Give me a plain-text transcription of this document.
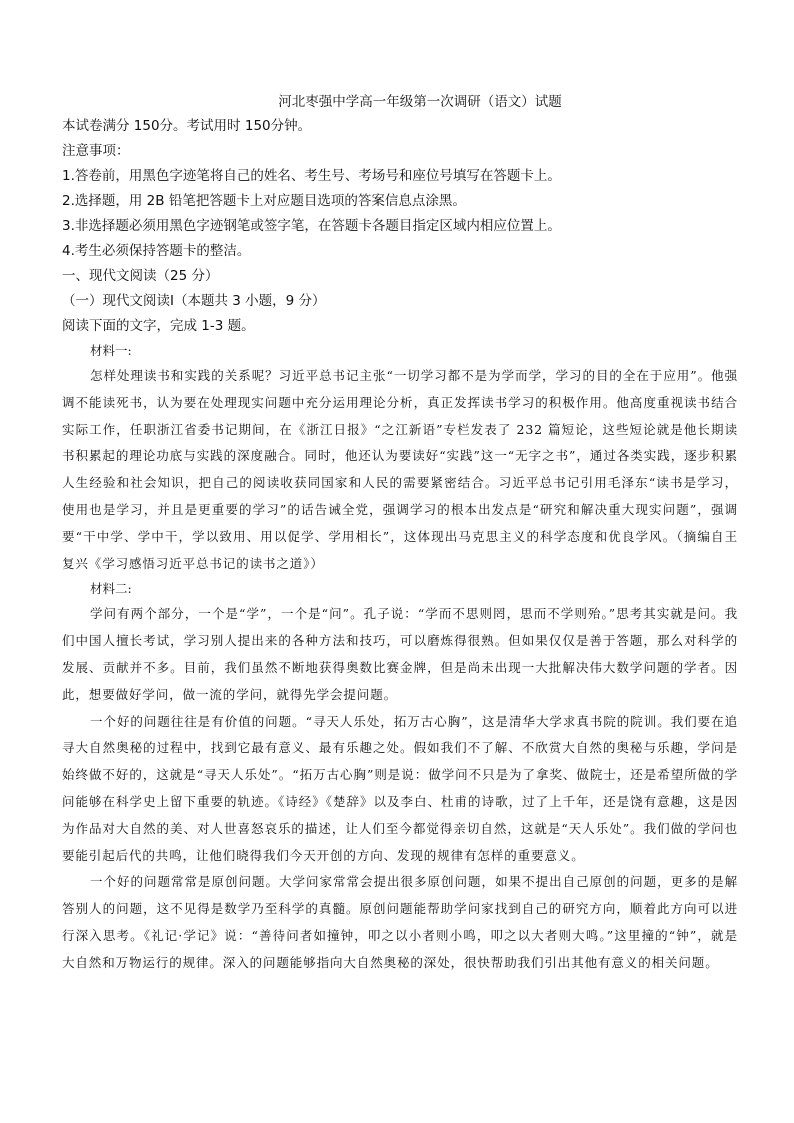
河北枣强中学高一年级第一次调研（语文）试题
本试卷满分 150分。考试用时 150分钟。
注意事项：
1.答卷前，用黑色字迹笔将自己的姓名、考生号、考场号和座位号填写在答题卡上。
2.选择题，用 2B 铅笔把答题卡上对应题目选项的答案信息点涂黑。
3.非选择题必须用黑色字迹钢笔或签字笔，在答题卡各题目指定区域内相应位置上。
4.考生必须保持答题卡的整洁。
一、现代文阅读（25 分）
（一）现代文阅读Ⅰ（本题共 3 小题，9 分）
阅读下面的文字，完成 1-3 题。
材料一:

怎样处理读书和实践的关系呢？习近平总书记主张“一切学习都不是为学而学，学习的目的全在于应用”。他强调不能读死书，认为要在处理现实问题中充分运用理论分析，真正发挥读书学习的积极作用。他高度重视读书结合实际工作，任职浙江省委书记期间，在《浙江日报》“之江新语”专栏发表了 232 篇短论，这些短论就是他长期读书积累起的理论功底与实践的深度融合。同时，他还认为要读好“实践”这一“无字之书”，通过各类实践，逐步积累人生经验和社会知识，把自己的阅读收获同国家和人民的需要紧密结合。习近平总书记引用毛泽东“读书是学习，使用也是学习，并且是更重要的学习”的话告诫全党，强调学习的根本出发点是“研究和解决重大现实问题”，强调要“干中学、学中干，学以致用、用以促学、学用相长”，这体现出马克思主义的科学态度和优良学风。（摘编自王复兴《学习感悟习近平总书记的读书之道》）

材料二:

学问有两个部分，一个是“学”，一个是“问”。孔子说：“学而不思则罔，思而不学则殆。”思考其实就是问。我们中国人擅长考试，学习别人提出来的各种方法和技巧，可以磨炼得很熟。但如果仅仅是善于答题，那么对科学的发展、贡献并不多。目前，我们虽然不断地获得奥数比赛金牌，但是尚未出现一大批解决伟大数学问题的学者。因此，想要做好学问，做一流的学问，就得先学会提问题。

一个好的问题往往是有价值的问题。“寻天人乐处，拓万古心胸”，这是清华大学求真书院的院训。我们要在追寻大自然奥秘的过程中，找到它最有意义、最有乐趣之处。假如我们不了解、不欣赏大自然的奥秘与乐趣，学问是始终做不好的，这就是“寻天人乐处”。“拓万古心胸”则是说：做学问不只是为了拿奖、做院士，还是希望所做的学问能够在科学史上留下重要的轨迹。《诗经》《楚辞》以及李白、杜甫的诗歌，过了上千年，还是饶有意趣，这是因为作品对大自然的美、对人世喜怒哀乐的描述，让人们至今都觉得亲切自然，这就是“天人乐处”。我们做的学问也要能引起后代的共鸣，让他们晓得我们今天开创的方向、发现的规律有怎样的重要意义。

一个好的问题常常是原创问题。大学问家常常会提出很多原创问题，如果不提出自己原创的问题，更多的是解答别人的问题，这不见得是数学乃至科学的真髓。原创问题能帮助学问家找到自己的研究方向，顺着此方向可以进行深入思考。《礼记·学记》说：“善待问者如撞钟，叩之以小者则小鸣，叩之以大者则大鸣。”这里撞的“钟”，就是大自然和万物运行的规律。深入的问题能够指向大自然奥秘的深处，很快帮助我们引出其他有意义的相关问题。
